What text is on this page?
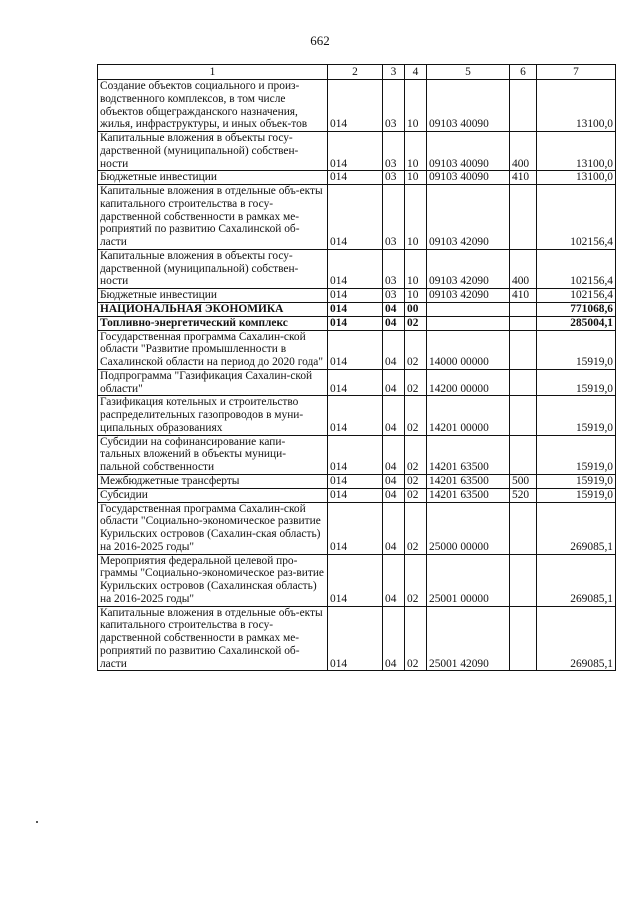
662
1	2	3	4	5	6	7
Создание объектов социального и произ-водственного комплексов, в том числе объектов общегражданского назначения, жилья, инфраструктуры, и иных объек-тов	014	03	10	09103 40090		13100,0
Капитальные вложения в объекты госу-дарственной (муниципальной) собствен-ности	014	03	10	09103 40090	400	13100,0
Бюджетные инвестиции	014	03	10	09103 40090	410	13100,0
Капитальные вложения в отдельные объ-екты капитального строительства в госу-дарственной собственности в рамках ме-роприятий по развитию Сахалинской об-ласти	014	03	10	09103 42090		102156,4
Капитальные вложения в объекты госу-дарственной (муниципальной) собствен-ности	014	03	10	09103 42090	400	102156,4
Бюджетные инвестиции	014	03	10	09103 42090	410	102156,4
НАЦИОНАЛЬНАЯ ЭКОНОМИКА	014	04	00			771068,6
Топливно-энергетический комплекс	014	04	02			285004,1
Государственная программа Сахалин-ской области "Развитие промышленности в Сахалинской области на период до 2020 года"	014	04	02	14000 00000		15919,0
Подпрограмма "Газификация Сахалин-ской области"	014	04	02	14200 00000		15919,0
Газификация котельных и строительство распределительных газопроводов в муни-ципальных образованиях	014	04	02	14201 00000		15919,0
Субсидии на софинансирование капи-тальных вложений в объекты муници-пальной собственности	014	04	02	14201 63500		15919,0
Межбюджетные трансферты	014	04	02	14201 63500	500	15919,0
Субсидии	014	04	02	14201 63500	520	15919,0
Государственная программа Сахалин-ской области "Социально-экономическое развитие Курильских островов (Сахалин-ская область) на 2016-2025 годы"	014	04	02	25000 00000		269085,1
Мероприятия федеральной целевой про-граммы "Социально-экономическое раз-витие Курильских островов (Сахалинская область) на 2016-2025 годы"	014	04	02	25001 00000		269085,1
Капитальные вложения в отдельные объ-екты капитального строительства в госу-дарственной собственности в рамках ме-роприятий по развитию Сахалинской об-ласти	014	04	02	25001 42090		269085,1
